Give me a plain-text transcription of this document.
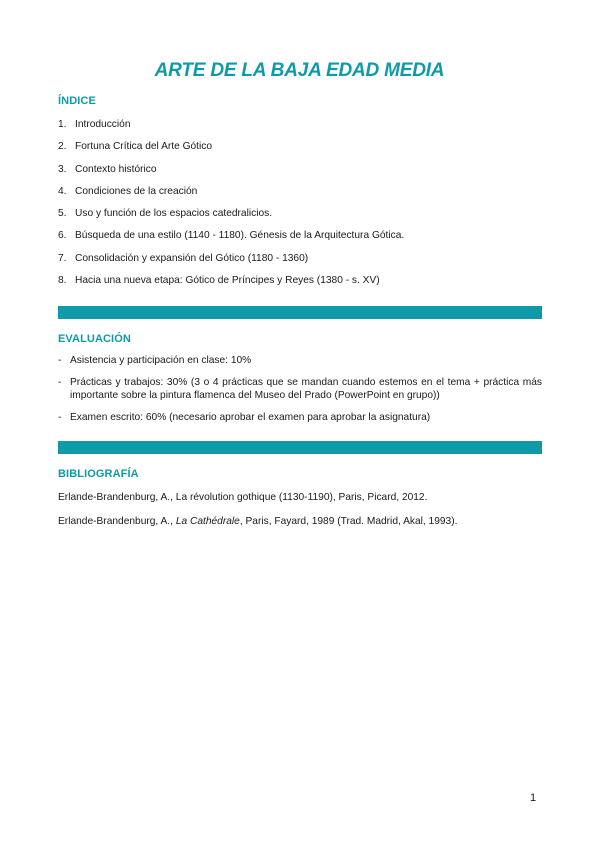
ARTE DE LA BAJA EDAD MEDIA
ÍNDICE
1. Introducción
2. Fortuna Crítica del Arte Gótico
3. Contexto histórico
4. Condiciones de la creación
5. Uso y función de los espacios catedralicios.
6. Búsqueda de una estilo (1140 - 1180). Génesis de la Arquitectura Gótica.
7. Consolidación y expansión del Gótico (1180 - 1360)
8. Hacia una nueva etapa: Gótico de Príncipes y Reyes (1380 - s. XV)
EVALUACIÓN
- Asistencia y participación en clase: 10%
- Prácticas y trabajos: 30% (3 o 4 prácticas que se mandan cuando estemos en el tema + práctica más importante sobre la pintura flamenca del Museo del Prado (PowerPoint en grupo))
- Examen escrito: 60% (necesario aprobar el examen para aprobar la asignatura)
BIBLIOGRAFÍA
Erlande-Brandenburg, A., La révolution gothique (1130-1190), Paris, Picard, 2012.
Erlande-Brandenburg, A., La Cathédrale, Paris, Fayard, 1989 (Trad. Madrid, Akal, 1993).
1
